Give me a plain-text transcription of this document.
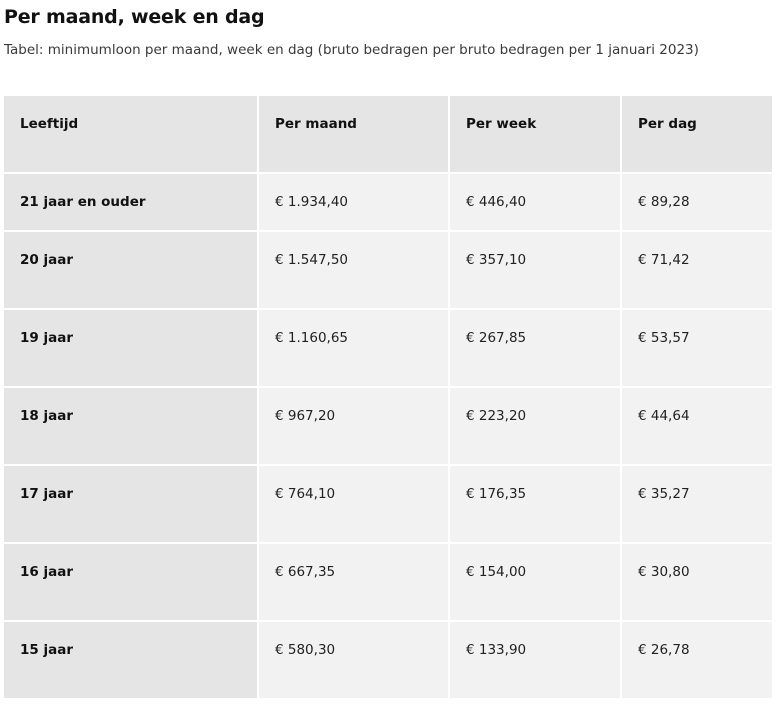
Per maand, week en dag

Tabel: minimumloon per maand, week en dag (bruto bedragen per bruto bedragen per 1 januari 2023)

Leeftijd	Per maand	Per week	Per dag
21 jaar en ouder	€ 1.934,40	€ 446,40	€ 89,28
20 jaar	€ 1.547,50	€ 357,10	€ 71,42
19 jaar	€ 1.160,65	€ 267,85	€ 53,57
18 jaar	€ 967,20	€ 223,20	€ 44,64
17 jaar	€ 764,10	€ 176,35	€ 35,27
16 jaar	€ 667,35	€ 154,00	€ 30,80
15 jaar	€ 580,30	€ 133,90	€ 26,78
